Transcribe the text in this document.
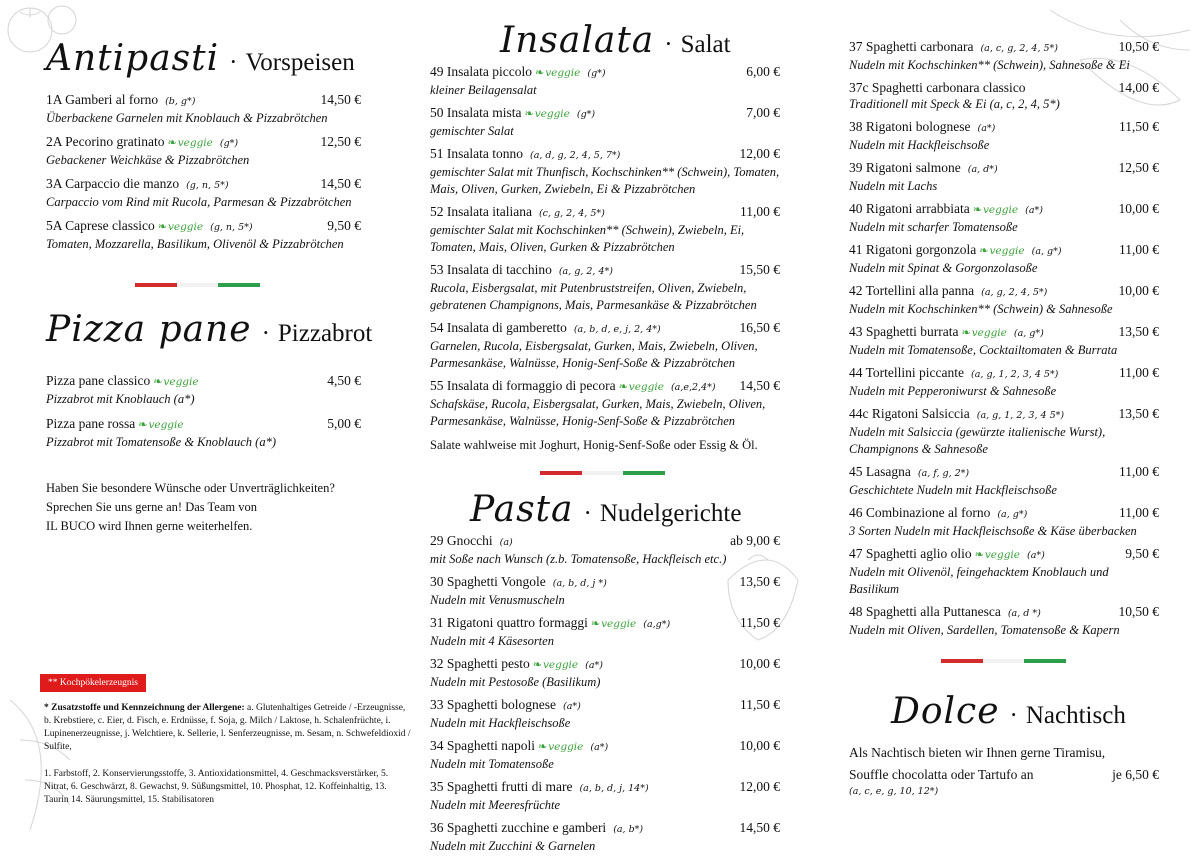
Antipasti	· Vorspeisen
1A Gamberi al forno (b, g*)	14,50 €
Überbackene Garnelen mit Knoblauch & Pizzabrötchen
2A Pecorino gratinato	❧ veggie (g*)	12,50 €
Gebackener Weichkäse & Pizzabrötchen
3A Carpaccio die manzo (g, n, 5*)	14,50 €
Carpaccio vom Rind mit Rucola, Parmesan & Pizzabrötchen
5A Caprese classico	❧ veggie (g, n, 5*)	9,50 €
Tomaten, Mozzarella, Basilikum, Olivenöl & Pizzabrötchen
Pizza pane	· Pizzabrot
Pizza pane classico	❧ veggie	4,50 €
Pizzabrot mit Knoblauch (a*)
Pizza pane rossa	❧ veggie	5,00 €
Pizzabrot mit Tomatensoße & Knoblauch (a*)
Haben Sie besondere Wünsche oder Unverträglichkeiten?
Sprechen Sie uns gerne an! Das Team von
IL BUCO wird Ihnen gerne weiterhelfen.
** Kochpökelerzeugnis
* Zusatzstoffe und Kennzeichnung der Allergene: a. Glutenhaltiges Getreide / -Erzeugnisse, b. Krebstiere, c. Eier, d. Fisch, e. Erdnüsse, f. Soja, g. Milch / Laktose, h. Schalenfrüchte, i. Lupinenerzeugnisse, j. Welchtiere, k. Sellerie, l. Senferzeugnisse, m. Sesam, n. Schwefeldioxid / Sulfite,
1. Farbstoff, 2. Konservierungsstoffe, 3. Antioxidationsmittel, 4. Geschmacksverstärker, 5. Nitrat, 6. Geschwärzt, 8. Gewachst, 9. Süßungsmittel, 10. Phosphat, 12. Koffeinhaltig, 13. Taurin 14. Säurungsmittel, 15. Stabilisatoren
Insalata	· Salat
49 Insalata piccolo	❧ veggie (g*)	6,00 €
kleiner Beilagensalat
50 Insalata mista	❧ veggie (g*)	7,00 €
gemischter Salat
51 Insalata tonno (a, d, g, 2, 4, 5, 7*)	12,00 €
gemischter Salat mit Thunfisch, Kochschinken** (Schwein), Tomaten, Mais, Oliven, Gurken, Zwiebeln, Ei & Pizzabrötchen
52 Insalata italiana (c, g, 2, 4, 5*)	11,00 €
gemischter Salat mit Kochschinken** (Schwein), Zwiebeln, Ei, Tomaten, Mais, Oliven, Gurken & Pizzabrötchen
53 Insalata di tacchino (a, g, 2, 4*)	15,50 €
Rucola, Eisbergsalat, mit Putenbruststreifen, Oliven, Zwiebeln, gebratenen Champignons, Mais, Parmesankäse & Pizzabrötchen
54 Insalata di gamberetto (a, b, d, e, j, 2, 4*)	16,50 €
Garnelen, Rucola, Eisbergsalat, Gurken, Mais, Zwiebeln, Oliven, Parmesankäse, Walnüsse, Honig-Senf-Soße & Pizzabrötchen
55 Insalata di formaggio di pecora	❧ veggie (a,e,2,4*) 14,50 €
Schafskäse, Rucola, Eisbergsalat, Gurken, Mais, Zwiebeln, Oliven, Parmesankäse, Walnüsse, Honig-Senf-Soße & Pizzabrötchen
Salate wahlweise mit Joghurt, Honig-Senf-Soße oder Essig & Öl.
Pasta	· Nudelgerichte
29 Gnocchi (a)	ab 9,00 €
mit Soße nach Wunsch (z.b. Tomatensoße, Hackfleisch etc.)
30 Spaghetti Vongole (a, b, d, j *)	13,50 €
Nudeln mit Venusmuscheln
31 Rigatoni quattro formaggi	❧ veggie (a,g*)	11,50 €
Nudeln mit 4 Käsesorten
32 Spaghetti pesto	❧ veggie (a*)	10,00 €
Nudeln mit Pestosoße (Basilikum)
33 Spaghetti bolognese (a*)	11,50 €
Nudeln mit Hackfleischsoße
34 Spaghetti napoli	❧ veggie (a*)	10,00 €
Nudeln mit Tomatensoße
35 Spaghetti frutti di mare (a, b, d, j, 14*)	12,00 €
Nudeln mit Meeresfrüchte
36 Spaghetti zucchine e gamberi (a, b*)	14,50 €
Nudeln mit Zucchini & Garnelen
37 Spaghetti carbonara (a, c, g, 2, 4, 5*)	10,50 €
Nudeln mit Kochschinken** (Schwein), Sahnesoße & Ei
37c Spaghetti carbonara classico	14,00 €
Traditionell mit Speck & Ei (a, c, 2, 4, 5*)
38 Rigatoni bolognese (a*)	11,50 €
Nudeln mit Hackfleischsoße
39 Rigatoni salmone (a, d*)	12,50 €
Nudeln mit Lachs
40 Rigatoni arrabbiata	❧ veggie (a*)	10,00 €
Nudeln mit scharfer Tomatensoße
41 Rigatoni gorgonzola	❧ veggie (a, g*)	11,00 €
Nudeln mit Spinat & Gorgonzolasoße
42 Tortellini alla panna (a, g, 2, 4, 5*)	10,00 €
Nudeln mit Kochschinken** (Schwein) & Sahnesoße
43 Spaghetti burrata	❧ veggie (a, g*)	13,50 €
Nudeln mit Tomatensoße, Cocktailtomaten & Burrata
44 Tortellini piccante (a, g, 1, 2, 3, 4 5*)	11,00 €
Nudeln mit Pepperoniwurst & Sahnesoße
44c Rigatoni Salsiccia (a, g, 1, 2, 3, 4 5*)	13,50 €
Nudeln mit Salsiccia (gewürzte italienische Wurst), Champignons & Sahnesoße
45 Lasagna (a, f, g, 2*)	11,00 €
Geschichtete Nudeln mit Hackfleischsoße
46 Combinazione al forno (a, g*)	11,00 €
3 Sorten Nudeln mit Hackfleischsoße & Käse überbacken
47 Spaghetti aglio olio	❧ veggie (a*)	9,50 €
Nudeln mit Olivenöl, feingehacktem Knoblauch und Basilikum
48 Spaghetti alla Puttanesca (a, d *)	10,50 €
Nudeln mit Oliven, Sardellen, Tomatensoße & Kapern
Dolce	· Nachtisch
Als Nachtisch bieten wir Ihnen gerne Tiramisu,
Souffle chocolatta oder Tartufo an	je 6,50 €
(a, c, e, g, 10, 12*)
